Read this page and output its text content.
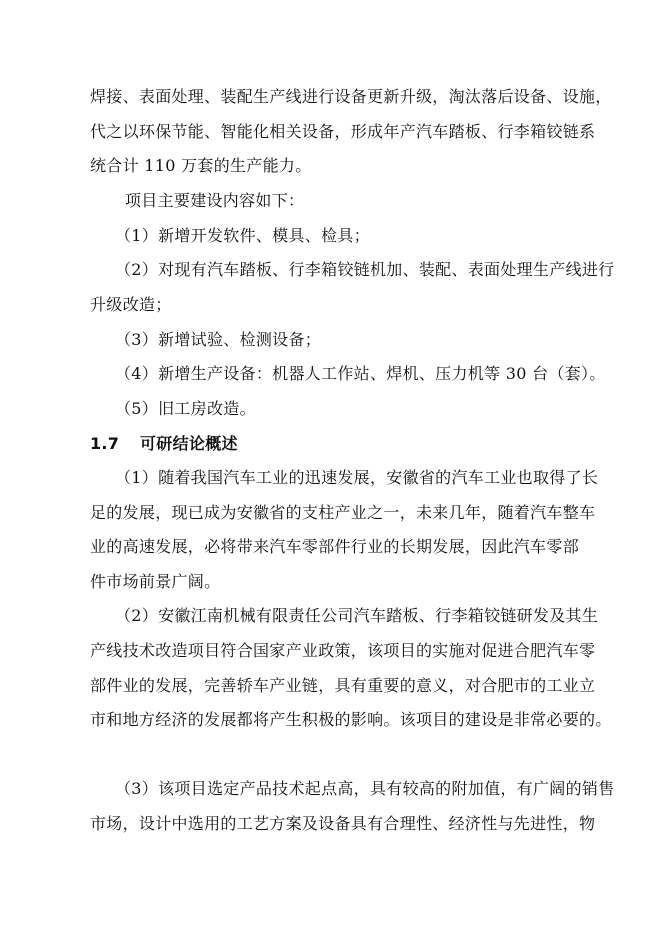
焊接、表面处理、装配生产线进行设备更新升级，淘汰落后设备、设施，
代之以环保节能、智能化相关设备，形成年产汽车踏板、行李箱铰链系
统合计 110 万套的生产能力。
项目主要建设内容如下：
（1）新增开发软件、模具、检具；
（2）对现有汽车踏板、行李箱铰链机加、装配、表面处理生产线进行
升级改造；
（3）新增试验、检测设备；
（4）新增生产设备：机器人工作站、焊机、压力机等 30 台（套）。
（5）旧工房改造。
1.7 可研结论概述
（1）随着我国汽车工业的迅速发展，安徽省的汽车工业也取得了长
足的发展，现已成为安徽省的支柱产业之一，未来几年，随着汽车整车
业的高速发展，必将带来汽车零部件行业的长期发展，因此汽车零部
件市场前景广阔。
（2）安徽江南机械有限责任公司汽车踏板、行李箱铰链研发及其生
产线技术改造项目符合国家产业政策，该项目的实施对促进合肥汽车零
部件业的发展，完善轿车产业链，具有重要的意义，对合肥市的工业立
市和地方经济的发展都将产生积极的影响。该项目的建设是非常必要的。
（3）该项目选定产品技术起点高，具有较高的附加值，有广阔的销售
市场，设计中选用的工艺方案及设备具有合理性、经济性与先进性，物
